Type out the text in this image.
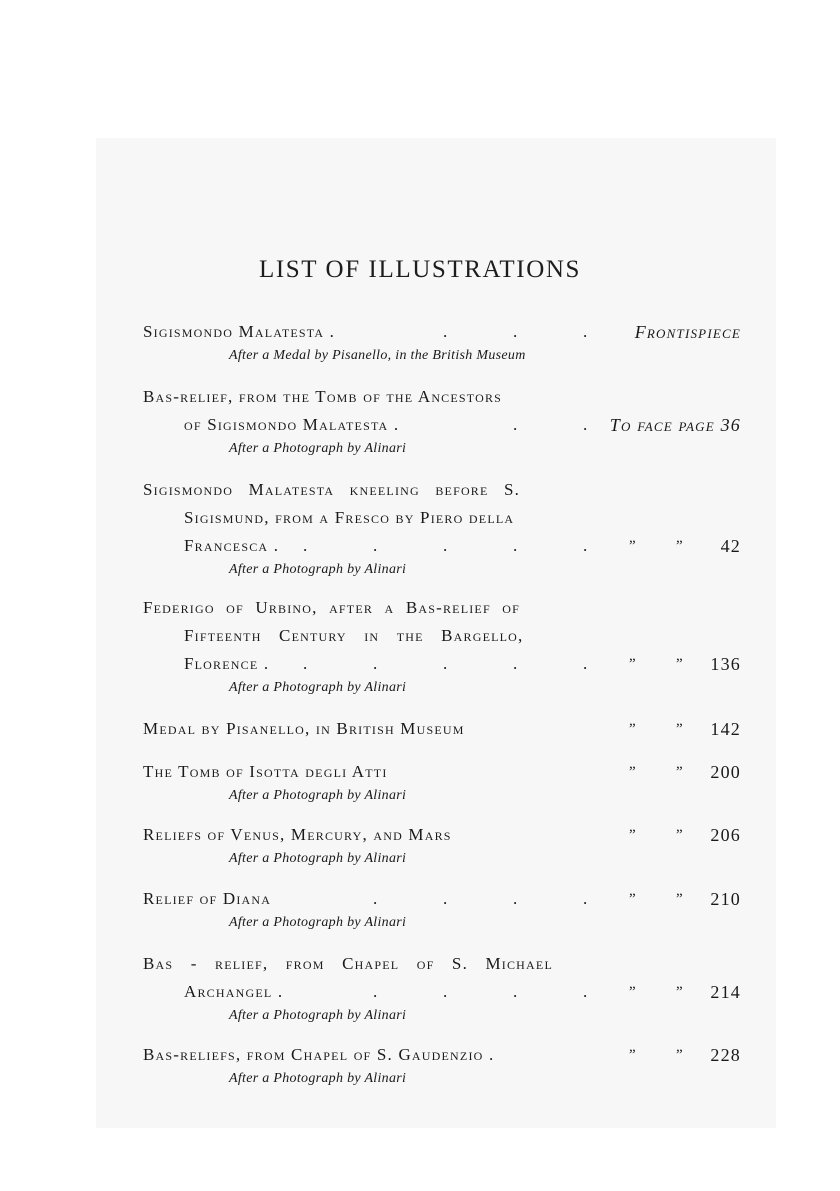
LIST OF ILLUSTRATIONS
Sigismondo Malatesta .	.	.	.	Frontispiece
After a Medal by Pisanello, in the British Museum
Bas-relief, from the Tomb of the Ancestors
of Sigismondo Malatesta .	.	. To face page 36
After a Photograph by Alinari
Sigismondo Malatesta kneeling before S.
Sigismund, from a Fresco by Piero della
Francesca . .	.	.	.	.	”	” 42
After a Photograph by Alinari
Federigo of Urbino, after a Bas-relief of
Fifteenth Century in the Bargello,
Florence . .	.	.	.	.	”	” 136
After a Photograph by Alinari
Medal by Pisanello, in British Museum	”	” 142
The Tomb of Isotta degli Atti	”	” 200
After a Photograph by Alinari
Reliefs of Venus, Mercury, and Mars	”	” 206
After a Photograph by Alinari
Relief of Diana	.	.	.	.	”	” 210
After a Photograph by Alinari
Bas - relief, from Chapel of S. Michael
Archangel .	.	.	.	.	”	” 214
After a Photograph by Alinari
Bas-reliefs, from Chapel of S. Gaudenzio .	”	” 228
After a Photograph by Alinari
